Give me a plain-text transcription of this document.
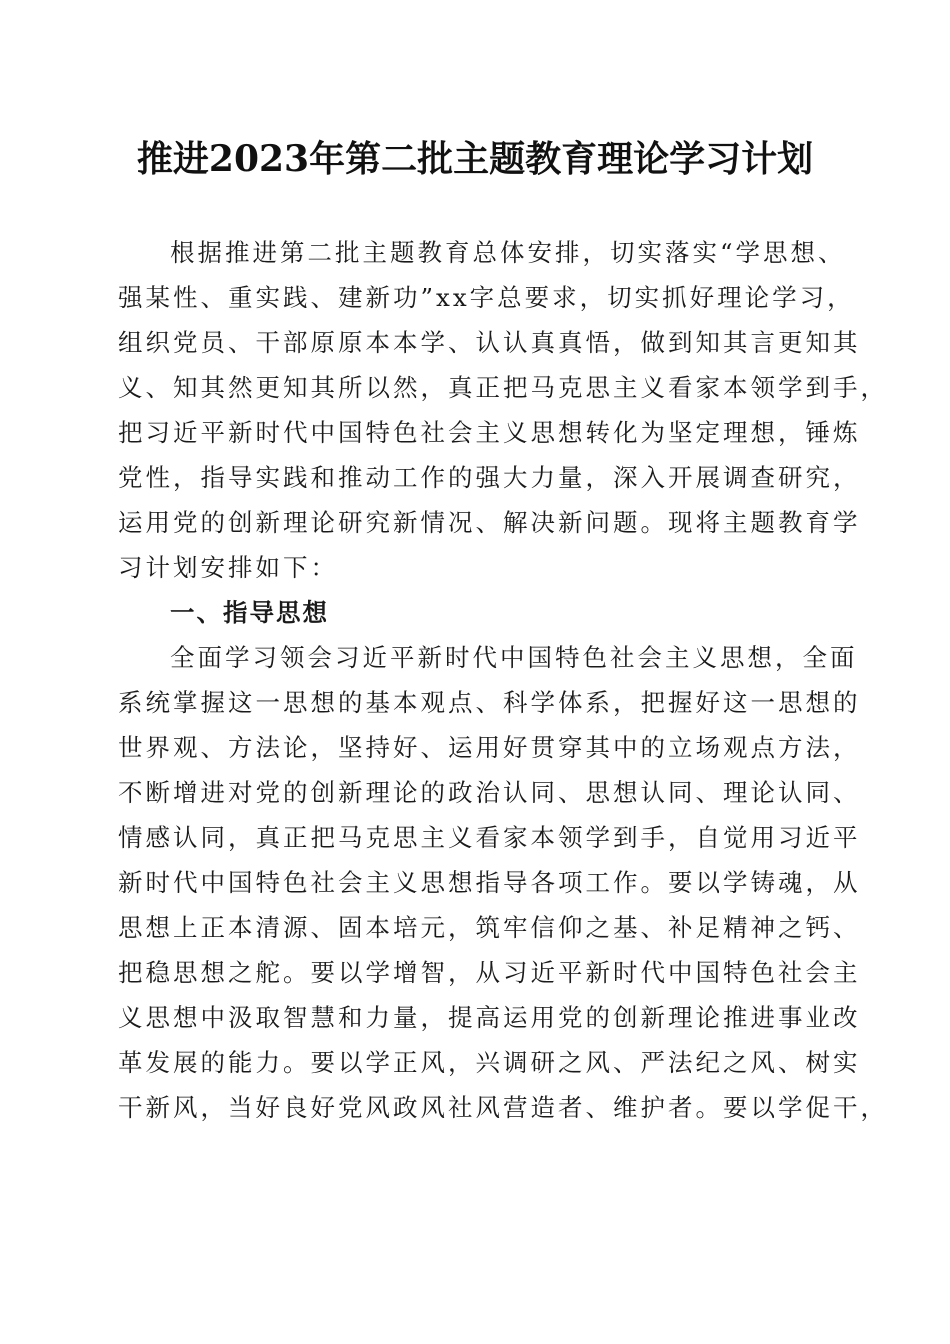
推进2023年第二批主题教育理论学习计划
根据推进第二批主题教育总体安排，切实落实“学思想、
强某性、重实践、建新功”xx字总要求，切实抓好理论学习，
组织党员、干部原原本本学、认认真真悟，做到知其言更知其
义、知其然更知其所以然，真正把马克思主义看家本领学到手，
把习近平新时代中国特色社会主义思想转化为坚定理想，锤炼
党性，指导实践和推动工作的强大力量，深入开展调查研究，
运用党的创新理论研究新情况、解决新问题。现将主题教育学
习计划安排如下：
一、指导思想
全面学习领会习近平新时代中国特色社会主义思想，全面
系统掌握这一思想的基本观点、科学体系，把握好这一思想的
世界观、方法论，坚持好、运用好贯穿其中的立场观点方法，
不断增进对党的创新理论的政治认同、思想认同、理论认同、
情感认同，真正把马克思主义看家本领学到手，自觉用习近平
新时代中国特色社会主义思想指导各项工作。要以学铸魂，从
思想上正本清源、固本培元，筑牢信仰之基、补足精神之钙、
把稳思想之舵。要以学增智，从习近平新时代中国特色社会主
义思想中汲取智慧和力量，提高运用党的创新理论推进事业改
革发展的能力。要以学正风，兴调研之风、严法纪之风、树实
干新风，当好良好党风政风社风营造者、维护者。要以学促干，
